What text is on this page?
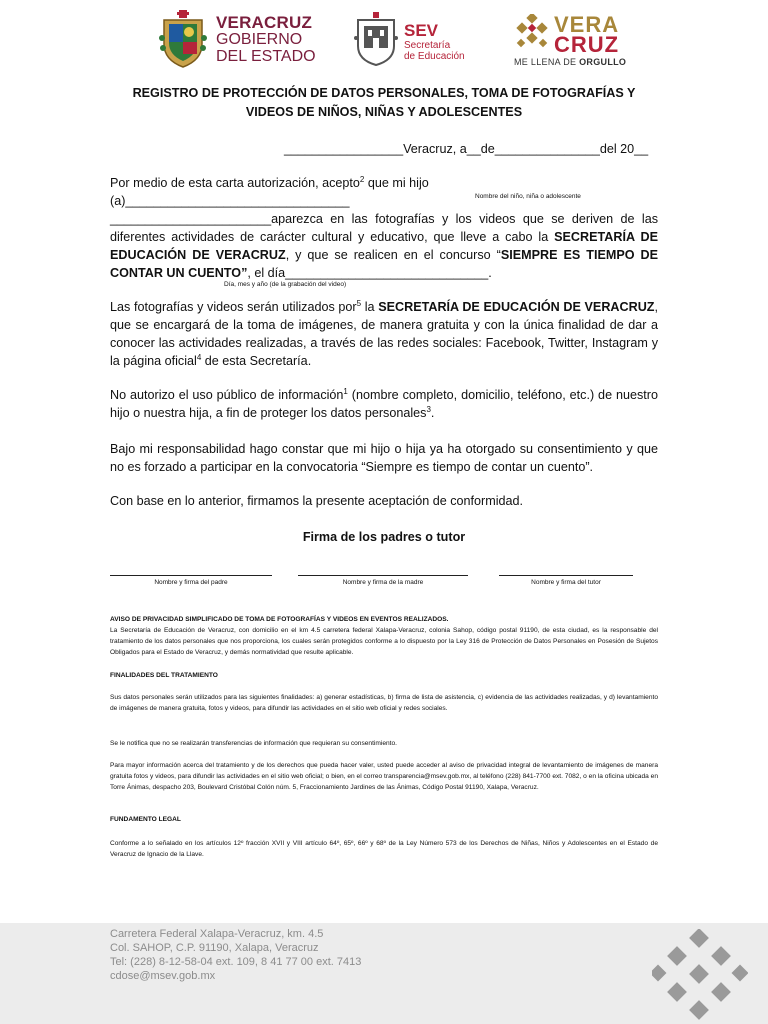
VERACRUZ
GOBIERNO
DEL ESTADO
SEV
Secretaría
de Educación
VERA
CRUZ
ME LLENA DE ORGULLO
REGISTRO DE PROTECCIÓN DE DATOS PERSONALES, TOMA DE FOTOGRAFÍAS Y VIDEOS DE NIÑOS, NIÑAS Y ADOLESCENTES
_________________Veracruz, a__de_______________del 20__
Por medio de esta carta autorización, acepto$^2$ que mi hijo (a)________________________________	Nombre del niño, niña o adolescente
_______________________aparezca en las fotografías y los videos que se deriven de las diferentes actividades de carácter cultural y educativo, que lleve a cabo la SECRETARÍA DE EDUCACIÓN DE VERACRUZ, y que se realicen en el concurso “SIEMPRE ES TIEMPO DE CONTAR UN CUENTO”, el día_____________________________.
Día, mes y año (de la grabación del video)
Las fotografías y videos serán utilizados por$^5$ la SECRETARÍA DE EDUCACIÓN DE VERACRUZ, que se encargará de la toma de imágenes, de manera gratuita y con la única finalidad de dar a conocer las actividades realizadas, a través de las redes sociales: Facebook, Twitter, Instagram y la página oficial$^4$ de esta Secretaría.
No autorizo el uso público de información$^1$ (nombre completo, domicilio, teléfono, etc.) de nuestro hijo o nuestra hija, a fin de proteger los datos personales$^3$.
Bajo mi responsabilidad hago constar que mi hijo o hija ya ha otorgado su consentimiento y que no es forzado a participar en la convocatoria “Siempre es tiempo de contar un cuento”.
Con base en lo anterior, firmamos la presente aceptación de conformidad.
Firma de los padres o tutor
Nombre y firma del padre	Nombre y firma de la madre	Nombre y firma del tutor
AVISO DE PRIVACIDAD SIMPLIFICADO DE TOMA DE FOTOGRAFÍAS Y VIDEOS EN EVENTOS REALIZADOS.
La Secretaría de Educación de Veracruz, con domicilio en el km 4.5 carretera federal Xalapa-Veracruz, colonia Sahop, código postal 91190, de esta ciudad, es la responsable del tratamiento de los datos personales que nos proporciona, los cuales serán protegidos conforme a lo dispuesto por la Ley 316 de Protección de Datos Personales en Posesión de Sujetos Obligados para el Estado de Veracruz, y demás normatividad que resulte aplicable.
FINALIDADES DEL TRATAMIENTO
Sus datos personales serán utilizados para las siguientes finalidades: a) generar estadísticas, b) firma de lista de asistencia, c) evidencia de las actividades realizadas, y d) levantamiento de imágenes de manera gratuita, fotos y videos, para difundir las actividades en el sitio web oficial y redes sociales.
Se le notifica que no se realizarán transferencias de información que requieran su consentimiento.
Para mayor información acerca del tratamiento y de los derechos que pueda hacer valer, usted puede acceder al aviso de privacidad integral de levantamiento de imágenes de manera gratuita fotos y videos, para difundir las actividades en el sitio web oficial; o bien, en el correo transparencia@msev.gob.mx, al teléfono (228) 841-7700 ext. 7082, o en la oficina ubicada en Torre Ánimas, despacho 203, Boulevard Cristóbal Colón núm. 5, Fraccionamiento Jardines de las Ánimas, Código Postal 91190, Xalapa, Veracruz.
FUNDAMENTO LEGAL
Conforme a lo señalado en los artículos 12º fracción XVII y VIII artículo 64º, 65º, 66º y 68º de la Ley Número 573 de los Derechos de Niñas, Niños y Adolescentes en el Estado de Veracruz de Ignacio de la Llave.
Carretera Federal Xalapa-Veracruz, km. 4.5
Col. SAHOP, C.P. 91190, Xalapa, Veracruz
Tel: (228) 8-12-58-04 ext. 109, 8 41 77 00 ext. 7413
cdose@msev.gob.mx
